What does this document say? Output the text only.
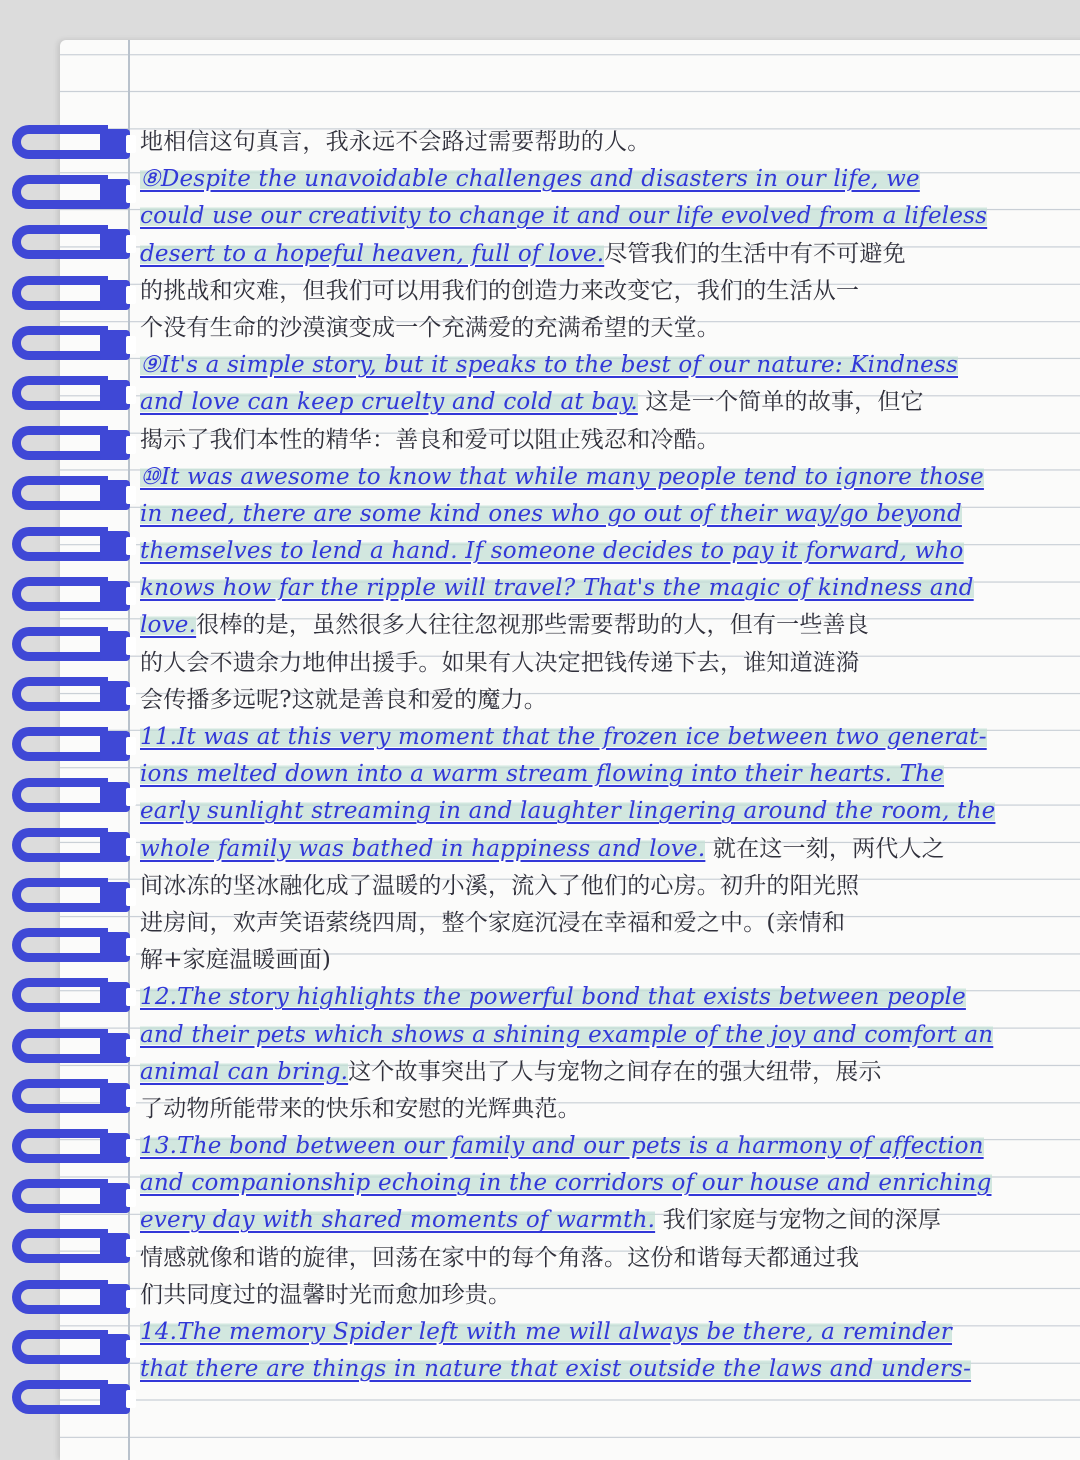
地相信这句真言，我永远不会路过需要帮助的人。
⑧Despite the unavoidable challenges and disasters in our life, we
could use our creativity to change it and our life evolved from a lifeless
desert to a hopeful heaven, full of love.尽管我们的生活中有不可避免
的挑战和灾难，但我们可以用我们的创造力来改变它，我们的生活从一
个没有生命的沙漠演变成一个充满爱的充满希望的天堂。
⑨It's a simple story, but it speaks to the best of our nature: Kindness
and love can keep cruelty and cold at bay. 这是一个简单的故事，但它
揭示了我们本性的精华：善良和爱可以阻止残忍和冷酷。
⑩It was awesome to know that while many people tend to ignore those
in need, there are some kind ones who go out of their way/go beyond
themselves to lend a hand. If someone decides to pay it forward, who
knows how far the ripple will travel? That's the magic of kindness and
love.很棒的是，虽然很多人往往忽视那些需要帮助的人，但有一些善良
的人会不遗余力地伸出援手。如果有人决定把钱传递下去，谁知道涟漪
会传播多远呢?这就是善良和爱的魔力。
11.It was at this very moment that the frozen ice between two generat-
ions melted down into a warm stream flowing into their hearts. The
early sunlight streaming in and laughter lingering around the room, the
whole family was bathed in happiness and love. 就在这一刻，两代人之
间冰冻的坚冰融化成了温暖的小溪，流入了他们的心房。初升的阳光照
进房间，欢声笑语萦绕四周，整个家庭沉浸在幸福和爱之中。(亲情和
解+家庭温暖画面)
12.The story highlights the powerful bond that exists between people
and their pets which shows a shining example of the joy and comfort an
animal can bring.这个故事突出了人与宠物之间存在的强大纽带，展示
了动物所能带来的快乐和安慰的光辉典范。
13.The bond between our family and our pets is a harmony of affection
and companionship echoing in the corridors of our house and enriching
every day with shared moments of warmth. 我们家庭与宠物之间的深厚
情感就像和谐的旋律，回荡在家中的每个角落。这份和谐每天都通过我
们共同度过的温馨时光而愈加珍贵。
14.The memory Spider left with me will always be there, a reminder
that there are things in nature that exist outside the laws and unders-
